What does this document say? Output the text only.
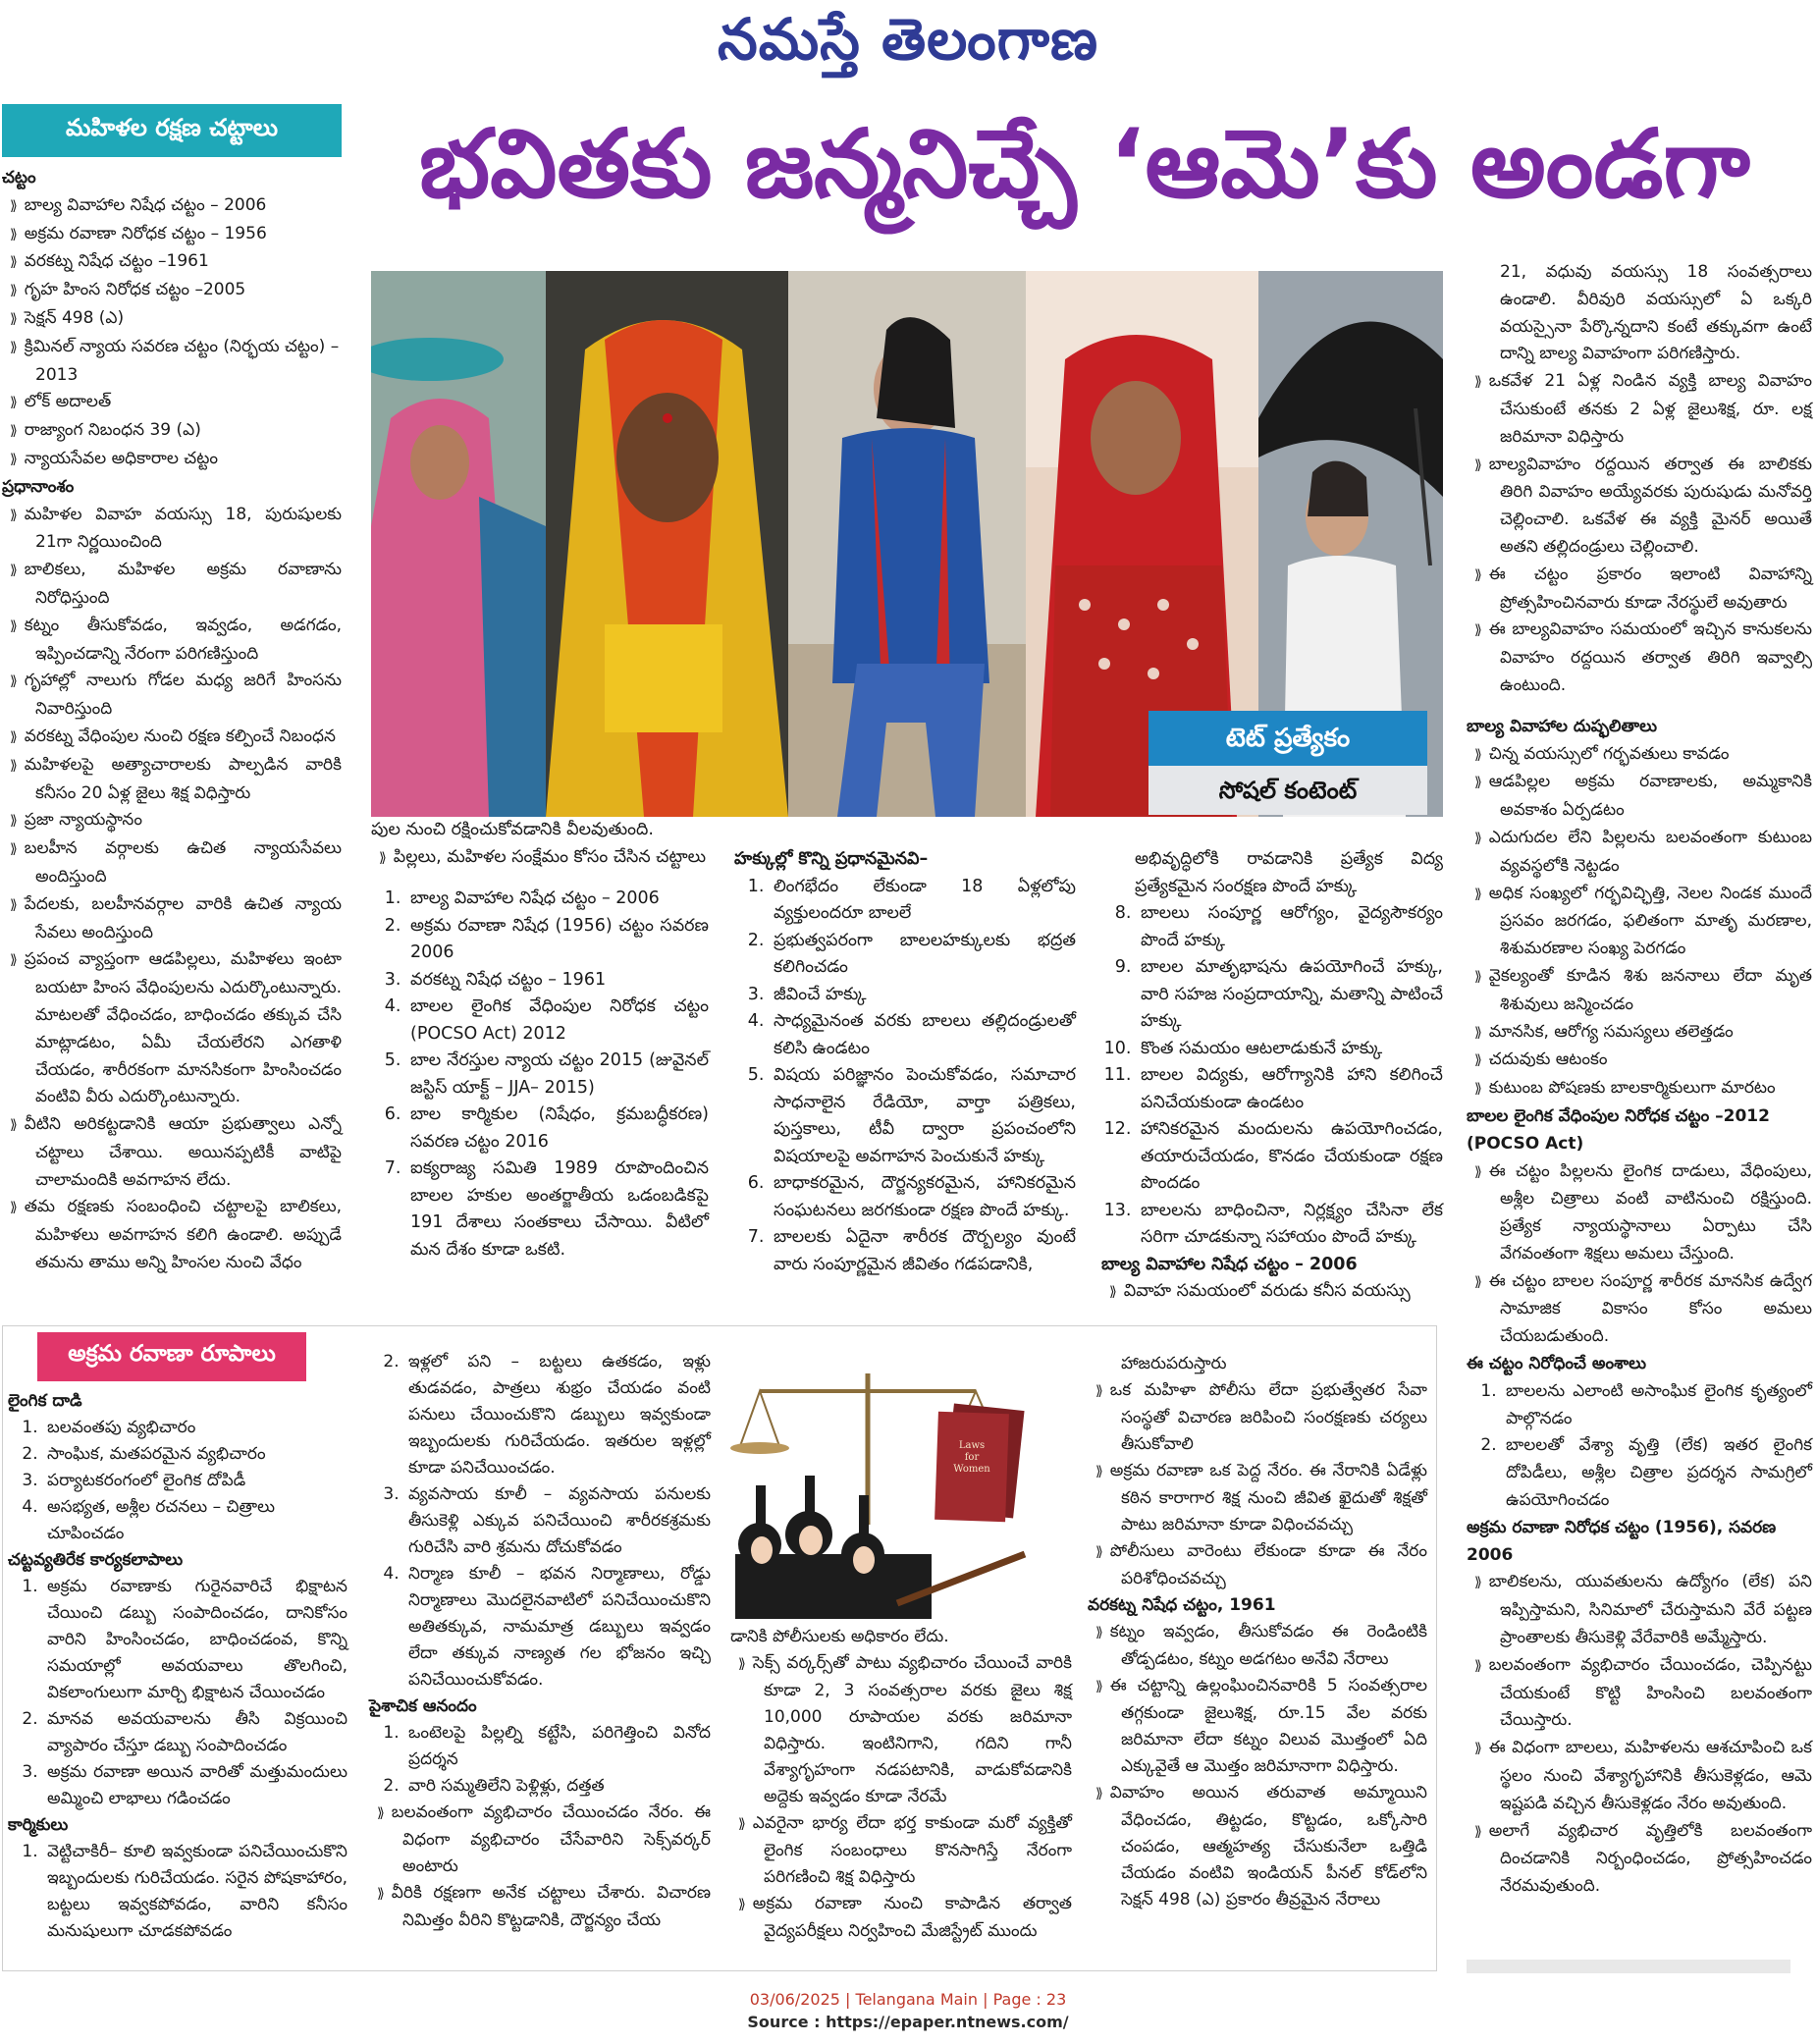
నమస్తే తెలంగాణ
భవితకు జన్మనిచ్చే ‘ఆమె’కు అండగా
మహిళల రక్షణ చట్టాలు
చట్టం
⟫ బాల్య వివాహాల నిషేధ చట్టం – 2006
⟫ అక్రమ రవాణా నిరోధక చట్టం – 1956
⟫ వరకట్న నిషేధ చట్టం –1961
⟫ గృహ హింస నిరోధక చట్టం –2005
⟫ సెక్షన్ 498 (ఎ)
⟫ క్రిమినల్ న్యాయ సవరణ చట్టం (నిర్భయ చట్టం) –2013
⟫ లోక్ అదాలత్
⟫ రాజ్యాంగ నిబంధన 39 (ఎ)
⟫ న్యాయసేవల అధికారాల చట్టం
ప్రధానాంశం
⟫ మహిళల వివాహ వయస్సు 18, పురుషులకు 21గా నిర్ణయించింది
⟫ బాలికలు, మహిళల అక్రమ రవాణాను నిరోధిస్తుంది
⟫ కట్నం తీసుకోవడం, ఇవ్వడం, అడగడం, ఇప్పించడాన్ని నేరంగా పరిగణిస్తుంది
⟫ గృహాల్లో నాలుగు గోడల మధ్య జరిగే హింసను నివారిస్తుంది
⟫ వరకట్న వేధింపుల నుంచి రక్షణ కల్పించే నిబంధన
⟫ మహిళలపై అత్యాచారాలకు పాల్పడిన వారికి కనీసం 20 ఏళ్ల జైలు శిక్ష విధిస్తారు
⟫ ప్రజా న్యాయస్థానం
⟫ బలహీన వర్గాలకు ఉచిత న్యాయసేవలు అందిస్తుంది
⟫ పేదలకు, బలహీనవర్గాల వారికి ఉచిత న్యాయ సేవలు అందిస్తుంది
⟫ ప్రపంచ వ్యాప్తంగా ఆడపిల్లలు, మహిళలు ఇంటా బయటా హింస వేధింపులను ఎదుర్కొంటున్నారు. మాటలతో వేధించడం, బాధించడం తక్కువ చేసి మాట్లాడటం, ఏమీ చేయలేరని ఎగతాళి చేయడం, శారీరకంగా మానసికంగా హింసించడం వంటివి వీరు ఎదుర్కొంటున్నారు.
⟫ వీటిని అరికట్టడానికి ఆయా ప్రభుత్వాలు ఎన్నో చట్టాలు చేశాయి. అయినప్పటికీ వాటిపై చాలామందికి అవగాహన లేదు.
⟫ తమ రక్షణకు సంబంధించి చట్టాలపై బాలికలు, మహిళలు అవగాహన కలిగి ఉండాలి. అప్పుడే తమను తాము అన్ని హింసల నుంచి వేధం
టెట్ ప్రత్యేకం
సోషల్ కంటెంట్

పుల నుంచి రక్షించుకోవడానికి వీలవుతుంది.

⟫ పిల్లలు, మహిళల సంక్షేమం కోసం చేసిన చట్టాలు
1. బాల్య వివాహాల నిషేధ చట్టం – 2006
2. అక్రమ రవాణా నిషేధ (1956) చట్టం సవరణ 2006
3. వరకట్న నిషేధ చట్టం – 1961
4. బాలల లైంగిక వేధింపుల నిరోధక చట్టం (POCSO Act) 2012
5. బాల నేరస్తుల న్యాయ చట్టం 2015 (జువైనల్ జస్టిస్ యాక్ట్ – JJA– 2015)
6. బాల కార్మికుల (నిషేధం, క్రమబద్ధీకరణ) సవరణ చట్టం 2016
7. ఐక్యరాజ్య సమితి 1989 రూపొందించిన బాలల హకుల అంతర్జాతీయ ఒడంబడికపై 191 దేశాలు సంతకాలు చేసాయి. వీటిలో మన దేశం కూడా ఒకటి.
హక్కుల్లో కొన్ని ప్రధానమైనవి–
1. లింగభేదం లేకుండా 18 ఏళ్లలోపు వ్యక్తులందరూ బాలలే
2. ప్రభుత్వపరంగా బాలలహక్కులకు భద్రత కలిగించడం
3. జీవించే హక్కు
4. సాధ్యమైనంత వరకు బాలలు తల్లిదండ్రులతో కలిసి ఉండటం
5. విషయ పరిజ్ఞానం పెంచుకోవడం, సమాచార సాధనాలైన రేడియో, వార్తా పత్రికలు, పుస్తకాలు, టీవీ ద్వారా ప్రపంచంలోని విషయాలపై అవగాహన పెంచుకునే హక్కు
6. బాధాకరమైన, దౌర్జన్యకరమైన, హానికరమైన సంఘటనలు జరగకుండా రక్షణ పొందే హక్కు.
7. బాలలకు ఏదైనా శారీరక దౌర్బల్యం వుంటే వారు సంపూర్ణమైన జీవితం గడపడానికి,

అభివృద్ధిలోకి రావడానికి ప్రత్యేక విద్య ప్రత్యేకమైన సంరక్షణ పొందే హక్కు

8. బాలలు సంపూర్ణ ఆరోగ్యం, వైద్యసౌకర్యం పొందే హక్కు
9. బాలల మాతృభాషను ఉపయోగించే హక్కు, వారి సహజ సంప్రదాయాన్ని, మతాన్ని పాటించే హక్కు
10. కొంత సమయం ఆటలాడుకునే హక్కు
11. బాలల విద్యకు, ఆరోగ్యానికి హాని కలిగించే పనిచేయకుండా ఉండటం
12. హానికరమైన మందులను ఉపయోగించడం, తయారుచేయడం, కొనడం చేయకుండా రక్షణ పొందడం
13. బాలలను బాధించినా, నిర్లక్ష్యం చేసినా లేక సరిగా చూడకున్నా సహాయం పొందే హక్కు
బాల్య వివాహాల నిషేధ చట్టం – 2006
⟫ వివాహ సమయంలో వరుడు కనీస వయస్సు

21, వధువు వయస్సు 18 సంవత్సరాలు ఉండాలి. వీరివురి వయస్సులో ఏ ఒక్కరి వయస్సైనా పేర్కొన్నదాని కంటే తక్కువగా ఉంటే దాన్ని బాల్య వివాహంగా పరిగణిస్తారు.

⟫ ఒకవేళ 21 ఏళ్ల నిండిన వ్యక్తి బాల్య వివాహం చేసుకుంటే తనకు 2 ఏళ్ల జైలుశిక్ష, రూ. లక్ష జరిమానా విధిస్తారు
⟫ బాల్యవివాహం రద్దయిన తర్వాత ఈ బాలికకు తిరిగి వివాహం అయ్యేవరకు పురుషుడు మనోవర్తి చెల్లించాలి. ఒకవేళ ఈ వ్యక్తి మైనర్ అయితే అతని తల్లిదండ్రులు చెల్లించాలి.
⟫ ఈ చట్టం ప్రకారం ఇలాంటి వివాహాన్ని ప్రోత్సహించినవారు కూడా నేరస్థులే అవుతారు
⟫ ఈ బాల్యవివాహం సమయంలో ఇచ్చిన కానుకలను వివాహం రద్దయిన తర్వాత తిరిగి ఇవ్వాల్సి ఉంటుంది.
బాల్య వివాహాల దుష్ఫలితాలు
⟫ చిన్న వయస్సులో గర్భవతులు కావడం
⟫ ఆడపిల్లల అక్రమ రవాణాలకు, అమ్మకానికి అవకాశం ఏర్పడటం
⟫ ఎదుగుదల లేని పిల్లలను బలవంతంగా కుటుంబ వ్యవస్థలోకి నెట్టడం
⟫ అధిక సంఖ్యలో గర్భవిచ్ఛిత్తి, నెలల నిండక ముందే ప్రసవం జరగడం, ఫలితంగా మాతృ మరణాల, శిశుమరణాల సంఖ్య పెరగడం
⟫ వైకల్యంతో కూడిన శిశు జననాలు లేదా మృత శిశువులు జన్మించడం
⟫ మానసిక, ఆరోగ్య సమస్యలు తలెత్తడం
⟫ చదువుకు ఆటంకం
⟫ కుటుంబ పోషణకు బాలకార్మికులుగా మారటం
బాలల లైంగిక వేధింపుల నిరోధక చట్టం –2012 (POCSO Act)
⟫ ఈ చట్టం పిల్లలను లైంగిక దాడులు, వేధింపులు, అశ్లీల చిత్రాలు వంటి వాటినుంచి రక్షిస్తుంది. ప్రత్యేక న్యాయస్థానాలు ఏర్పాటు చేసి వేగవంతంగా శిక్షలు అమలు చేస్తుంది.
⟫ ఈ చట్టం బాలల సంపూర్ణ శారీరక మానసిక ఉద్వేగ సామాజిక వికాసం కోసం అమలు చేయబడుతుంది.
ఈ చట్టం నిరోధించే అంశాలు
1. బాలలను ఎలాంటి అసాంఘిక లైంగిక కృత్యంలో పాల్గొనడం
2. బాలలతో వేశ్యా వృత్తి (లేక) ఇతర లైంగిక దోపిడీలు, అశ్లీల చిత్రాల ప్రదర్శన సామగ్రిలో ఉపయోగించడం
అక్రమ రవాణా నిరోధక చట్టం (1956), సవరణ 2006
⟫ బాలికలను, యువతులను ఉద్యోగం (లేక) పని ఇప్పిస్తామని, సినిమాలో చేరుస్తామని వేరే పట్టణ ప్రాంతాలకు తీసుకెళ్లి వేరేవారికి అమ్మేస్తారు.
⟫ బలవంతంగా వ్యభిచారం చేయించడం, చెప్పినట్టు చేయకుంటే కొట్టి హింసించి బలవంతంగా చేయిస్తారు.
⟫ ఈ విధంగా బాలలు, మహిళలను ఆశచూపించి ఒక స్థలం నుంచి వేశ్యాగృహానికి తీసుకెళ్లడం, ఆమె ఇష్టపడి వచ్చిన తీసుకెళ్లడం నేరం అవుతుంది.
⟫ అలాగే వ్యభిచార వృత్తిలోకి బలవంతంగా దించడానికి నిర్బంధించడం, ప్రోత్సహించడం నేరమవుతుంది.
అక్రమ రవాణా రూపాలు
లైంగిక దాడి
1. బలవంతపు వ్యభిచారం
2. సాంఘిక, మతపరమైన వ్యభిచారం
3. పర్యాటకరంగంలో లైంగిక దోపిడీ
4. అసభ్యత, అశ్లీల రచనలు – చిత్రాలు చూపించడం
చట్టవ్యతిరేక కార్యకలాపాలు
1. అక్రమ రవాణాకు గురైనవారిచే భిక్షాటన చేయించి డబ్బు సంపాదించడం, దానికోసం వారిని హింసించడం, బాధించడంవ, కొన్ని సమయాల్లో అవయవాలు తొలగించి, వికలాంగులుగా మార్చి భిక్షాటన చేయించడం
2. మానవ అవయవాలను తీసి విక్రయించి వ్యాపారం చేస్తూ డబ్బు సంపాదించడం
3. అక్రమ రవాణా అయిన వారితో మత్తుమందులు అమ్మించి లాభాలు గడించడం
కార్మికులు
1. వెట్టిచాకిరీ– కూలి ఇవ్వకుండా పనిచేయించుకొని ఇబ్బందులకు గురిచేయడం. సరైన పోషకాహారం, బట్టలు ఇవ్వకపోవడం, వారిని కనీసం మనుషులుగా చూడకపోవడం
2. ఇళ్లలో పని – బట్టలు ఉతకడం, ఇళ్లు తుడవడం, పాత్రలు శుభ్రం చేయడం వంటి పనులు చేయించుకొని డబ్బులు ఇవ్వకుండా ఇబ్బందులకు గురిచేయడం. ఇతరుల ఇళ్లల్లో కూడా పనిచేయించడం.
3. వ్యవసాయ కూలీ – వ్యవసాయ పనులకు తీసుకెళ్లి ఎక్కువ పనిచేయించి శారీరకశ్రమకు గురిచేసి వారి శ్రమను దోచుకోవడం
4. నిర్మాణ కూలీ – భవన నిర్మాణాలు, రోడ్డు నిర్మాణాలు మొదలైనవాటిలో పనిచేయించుకొని అతితక్కువ, నామమాత్ర డబ్బులు ఇవ్వడం లేదా తక్కువ నాణ్యత గల భోజనం ఇచ్చి పనిచేయించుకోవడం.
పైశాచిక ఆనందం
1. ఒంటెలపై పిల్లల్ని కట్టేసి, పరిగెత్తించి వినోద ప్రదర్శన
2. వారి సమ్మతిలేని పెళ్లిళ్లు, దత్తత
⟫ బలవంతంగా వ్యభిచారం చేయించడం నేరం. ఈ విధంగా వ్యభిచారం చేసేవారిని సెక్స్‌వర్కర్ అంటారు
⟫ వీరికి రక్షణగా అనేక చట్టాలు చేశారు. విచారణ నిమిత్తం వీరిని కొట్టడానికి, దౌర్జన్యం చేయ
Laws for Women

డానికి పోలీసులకు అధికారం లేదు.

⟫ సెక్స్ వర్కర్స్‌తో పాటు వ్యభిచారం చేయించే వారికి కూడా 2, 3 సంవత్సరాల వరకు జైలు శిక్ష 10,000 రూపాయల వరకు జరిమానా విధిస్తారు. ఇంటినిగాని, గదిని గానీ వేశ్యాగృహంగా నడపటానికి, వాడుకోవడానికి అద్దెకు ఇవ్వడం కూడా నేరమే
⟫ ఎవరైనా భార్య లేదా భర్త కాకుండా మరో వ్యక్తితో లైంగిక సంబంధాలు కొనసాగిస్తే నేరంగా పరిగణించి శిక్ష విధిస్తారు
⟫ అక్రమ రవాణా నుంచి కాపాడిన తర్వాత వైద్యపరీక్షలు నిర్వహించి మేజిస్ట్రేట్ ముందు

హాజరుపరుస్తారు

⟫ ఒక మహిళా పోలీసు లేదా ప్రభుత్వేతర సేవా సంస్థతో విచారణ జరిపించి సంరక్షణకు చర్యలు తీసుకోవాలి
⟫ అక్రమ రవాణా ఒక పెద్ద నేరం. ఈ నేరానికి ఏడేళ్లు కఠిన కారాగార శిక్ష నుంచి జీవిత ఖైదుతో శిక్షతో పాటు జరిమానా కూడా విధించవచ్చు
⟫ పోలీసులు వారెంటు లేకుండా కూడా ఈ నేరం పరిశోధించవచ్చు
వరకట్న నిషేధ చట్టం, 1961
⟫ కట్నం ఇవ్వడం, తీసుకోవడం ఈ రెండింటికి తోడ్పడటం, కట్నం అడగటం అనేవి నేరాలు
⟫ ఈ చట్టాన్ని ఉల్లంఘించినవారికి 5 సంవత్సరాల తగ్గకుండా జైలుశిక్ష, రూ.15 వేల వరకు జరిమానా లేదా కట్నం విలువ మొత్తంలో ఏది ఎక్కువైతే ఆ మొత్తం జరిమానాగా విధిస్తారు.
⟫ వివాహం అయిన తరువాత అమ్మాయిని వేధించడం, తిట్టడం, కొట్టడం, ఒక్కోసారి చంపడం, ఆత్మహత్య చేసుకునేలా ఒత్తిడి చేయడం వంటివి ఇండియన్ పీనల్ కోడ్‌లోని సెక్షన్ 498 (ఎ) ప్రకారం తీవ్రమైన నేరాలు
03/06/2025 | Telangana Main | Page : 23
Source : https://epaper.ntnews.com/
